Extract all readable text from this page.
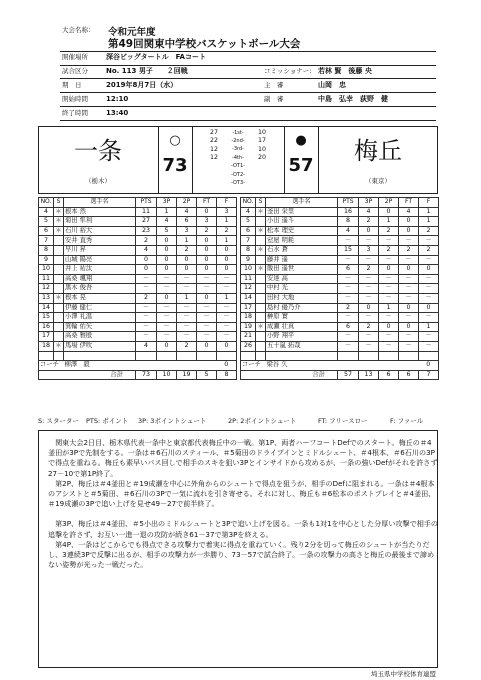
大会名称： 令和元年度
第49回関東中学校バスケットボール大会
開催場所	深谷ビッグタートル　FAコート
試合区分	No. 113 男子　　２回戦	コミッショナー: 若林 賢　後藤 央
期　日	2019年8月7日（水）	主　審	山岡　忠
開始時間	12:10	副　審	中島　弘幸　荻野　健
終了時間	13:40
一条
（栃木）
○
73
27	-1st-	10
22	-2nd-	17
12	-3rd-	10
12	-4th-	20
-OT1-
-OT2-
-OT3-
●
57
梅丘
（東京）
NO.	S	選手名	PTS	3P	2P	FT	F
4	＊	根本 然	11	1	4	0	3
5	＊	菊田 隼利	27	4	6	3	1
6	＊	石川 裕大	23	5	3	2	2
7		安井 直秀	2	0	1	0	1
8		早川 昇	4	0	2	0	0
9		山城 陽亮	0	0	0	0	0
10		井上 祐汰	0	0	0	0	0
11		高桑 颯翔	－	－	－	－	－
12		黒木 俊吾	－	－	－	－	－
13	＊	根本 晃	2	0	1	0	1
14		伊藤 健仁	－	－	－	－	－
15		小澤 礼温	－	－	－	－	－
16		箕輪 佑矢	－	－	－	－	－
17		高桑 雅殷	－	－	－	－	－
18	＊	馬場 伊吹	4	0	2	0	0

コーチ		柳澤　毅					0
合計			73	10	19	5	8
NO.	S	選手名	PTS	3P	2P	FT	F
4	＊	釜田 栄里	16	4	0	4	1
5		小出 遥斗	8	2	1	0	1
6	＊	松本 理史	4	0	2	0	2
7		窒屋 明耗	－	－	－	－	－
8	＊	石水 蒼	15	3	2	2	2
9		藤井 遥	－	－	－	－	－
10	＊	飯田 遥世	6	2	0	0	0
11		安達 高	－	－	－	－	－
12		中村 光	－	－	－	－	－
14		田村 大地	－	－	－	－	－
17		島村 優乃介	2	0	1	0	0
18		榊原 實	－	－	－	－	－
19	＊	成瀬 壮真	6	2	0	0	1
21		小野 翔平	－	－	－	－	－
26		五十嵐 拓哉	－	－	－	－	－

コーチ		梁谷 久					0
合計			57	13	6	6	7
S: スターター PTS: ポイント 3P: 3ポイントシュート	2P: 2ポイントシュート	FT: フリースロー	F: ファール

　関東大会2日目、栃木県代表一条中と東京都代表梅丘中の一戦。第1P、両者ハーフコートDefでのスタート。梅丘の＃4釜田が3Pで先制をする。一条は＃6石川のスティール、＃5菊田のドライブインとミドルシュート、＃4根本、＃6石川の3Pで得点を重ねる。梅丘も素早いパス回しで相手のスキを狙い3Pとインサイドから攻めるが、一条の強いDefがそれを許さず27－10で第1P終了。

　第2P、梅丘は＃4釜田と＃19成瀬を中心に外角からのシュートで得点を狙うが、相手のDefに阻まれる。一条は＃4根本のアシストと＃5菊田、＃6石川の3Pで一気に流れを引き寄せる。それに対し、梅丘も＃6松本のポストプレイと＃4釜田、＃19成瀬の3Pで追い上げを見せ49－27で前半終了。

　第3P、梅丘は＃4釜田、＃5小出のミドルシュートと3Pで追い上げを図る。一条も1対1を中心とした分厚い攻撃で相手の追撃を許さず、お互い一進一退の攻防が続き61－37で第3Pを終える。

　第4P、一条はどこからでも得点できる攻撃力で着実に得点を重ねていく。残り2分を切って梅丘のシュートが当たりだし、3連続3Pで反撃に出るが、相手の攻撃力が一歩勝り、73－57で試合終了。一条の攻撃力の高さと梅丘の最後まで諦めない姿勢が光った一戦だった。

埼玉県中学校体育連盟
